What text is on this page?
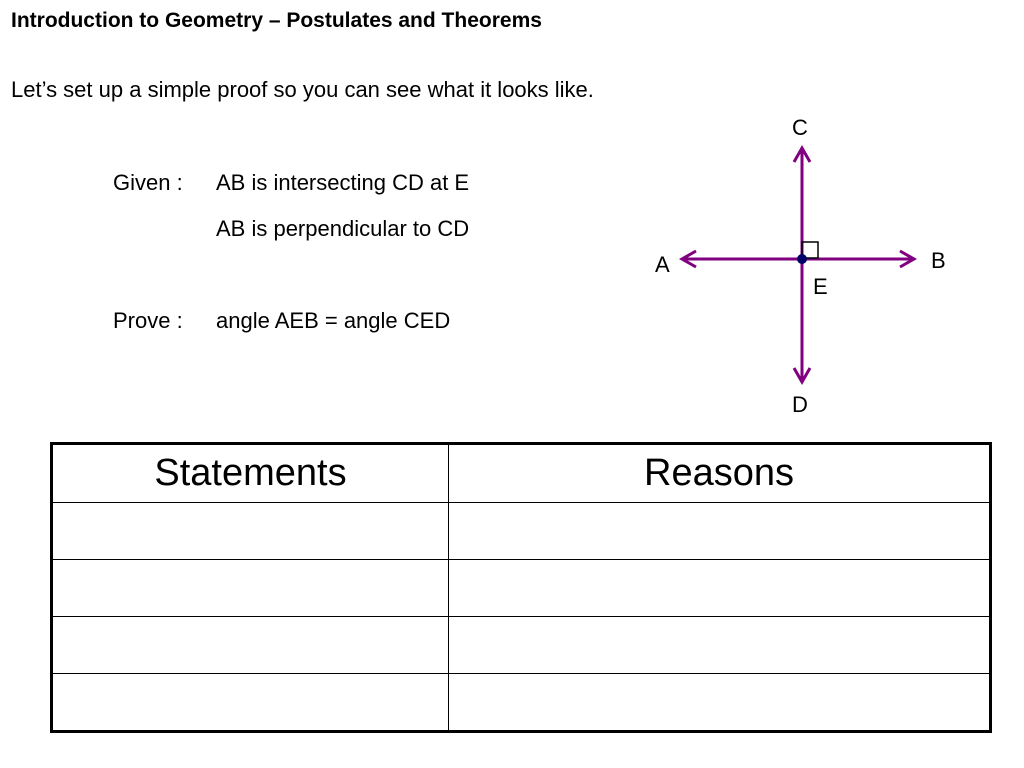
Introduction to Geometry – Postulates and Theorems
Let’s set up a simple proof so you can see what it looks like.
Given : AB is intersecting CD at E
AB is perpendicular to CD
Prove : angle AEB = angle CED
C
A	B
E
D
Statements	Reasons
